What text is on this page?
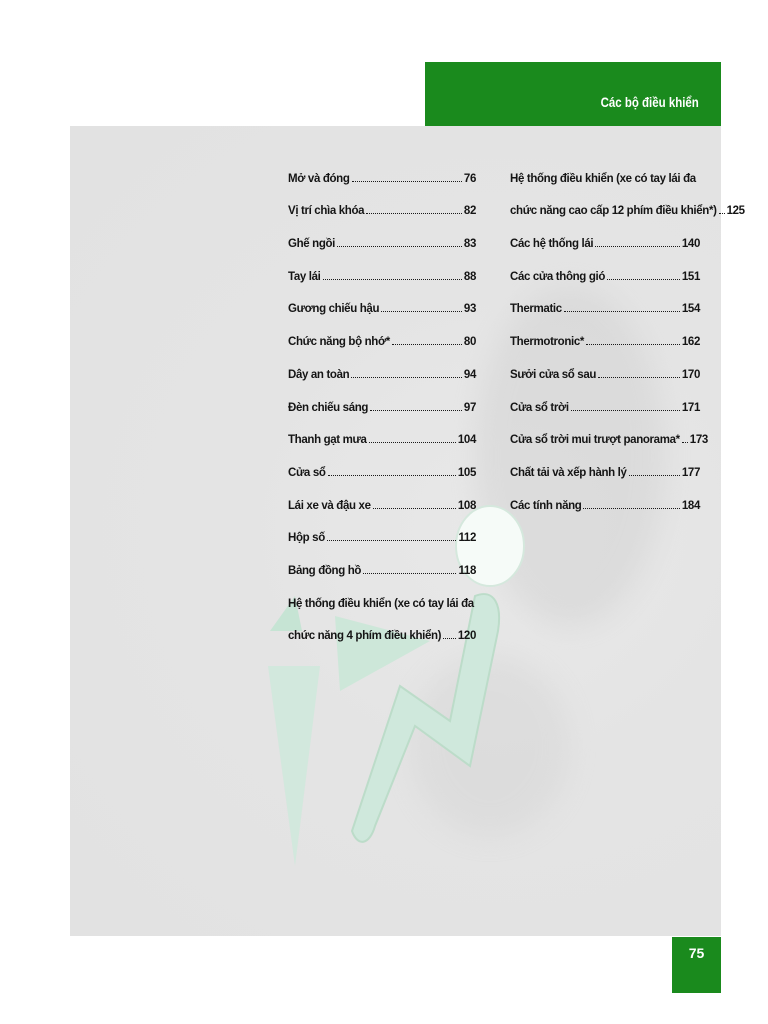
Các bộ điều khiển
Mở và đóng	76
Vị trí chìa khóa	82
Ghế ngồi	83
Tay lái	88
Gương chiếu hậu	93
Chức năng bộ nhớ*	80
Dây an toàn	94
Đèn chiếu sáng	97
Thanh gạt mưa	104
Cửa sổ	105
Lái xe và đậu xe	108
Hộp số	112
Bảng đồng hồ	118
Hệ thống điều khiển (xe có tay lái đa
chức năng 4 phím điều khiển) 120
Hệ thống điều khiển (xe có tay lái đa
chức năng cao cấp 12 phím điều khiển*) 125
Các hệ thống lái	140
Các cửa thông gió	151
Thermatic	154
Thermotronic*	162
Sưởi cửa sổ sau	170
Cửa sổ trời	171
Cửa sổ trời mui trượt panorama* 173
Chất tải và xếp hành lý	177
Các tính năng	184
75
